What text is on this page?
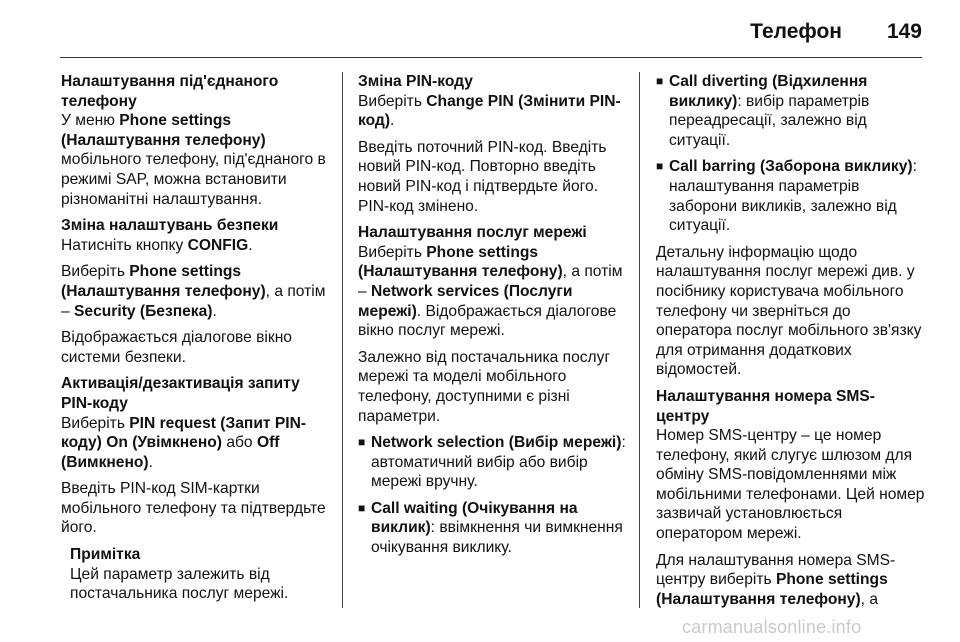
Телефон 149
Налаштування під'єднаного телефону

У меню Phone settings (Налаштування телефону) мобільного телефону, під'єднаного в режимі SAP, можна встановити різноманітні налаштування.

Зміна налаштувань безпеки

Натисніть кнопку CONFIG.

Виберіть Phone settings (Налаштування телефону), а потім – Security (Безпека).

Відображається діалогове вікно системи безпеки.

Активація/дезактивація запиту PIN-коду

Виберіть PIN request (Запит PIN-коду) On (Увімкнено) або Off (Вимкнено).

Введіть PIN-код SIM-картки мобільного телефону та підтвердьте його.

Примітка
Цей параметр залежить від постачальника послуг мережі.
Зміна PIN-коду

Виберіть Change PIN (Змінити PIN-код).

Введіть поточний PIN-код. Введіть новий PIN-код. Повторно введіть новий PIN-код і підтвердьте його. PIN-код змінено.

Налаштування послуг мережі

Виберіть Phone settings (Налаштування телефону), а потім – Network services (Послуги мережі). Відображається діалогове вікно послуг мережі.

Залежно від постачальника послуг мережі та моделі мобільного телефону, доступними є різні параметри.

■ Network selection (Вибір мережі): автоматичний вибір або вибір мережі вручну.
■ Call waiting (Очікування на виклик): ввімкнення чи вимкнення очікування виклику.
■ Call diverting (Відхилення виклику): вибір параметрів переадресації, залежно від ситуації.
■ Call barring (Заборона виклику): налаштування параметрів заборони викликів, залежно від ситуації.

Детальну інформацію щодо налаштування послуг мережі див. у посібнику користувача мобільного телефону чи зверніться до оператора послуг мобільного зв'язку для отримання додаткових відомостей.

Налаштування номера SMS-центру

Номер SMS-центру – це номер телефону, який слугує шлюзом для обміну SMS-повідомленнями між мобільними телефонами. Цей номер зазвичай установлюється оператором мережі.

Для налаштування номера SMS-центру виберіть Phone settings (Налаштування телефону), а

carmanualsonline.info
